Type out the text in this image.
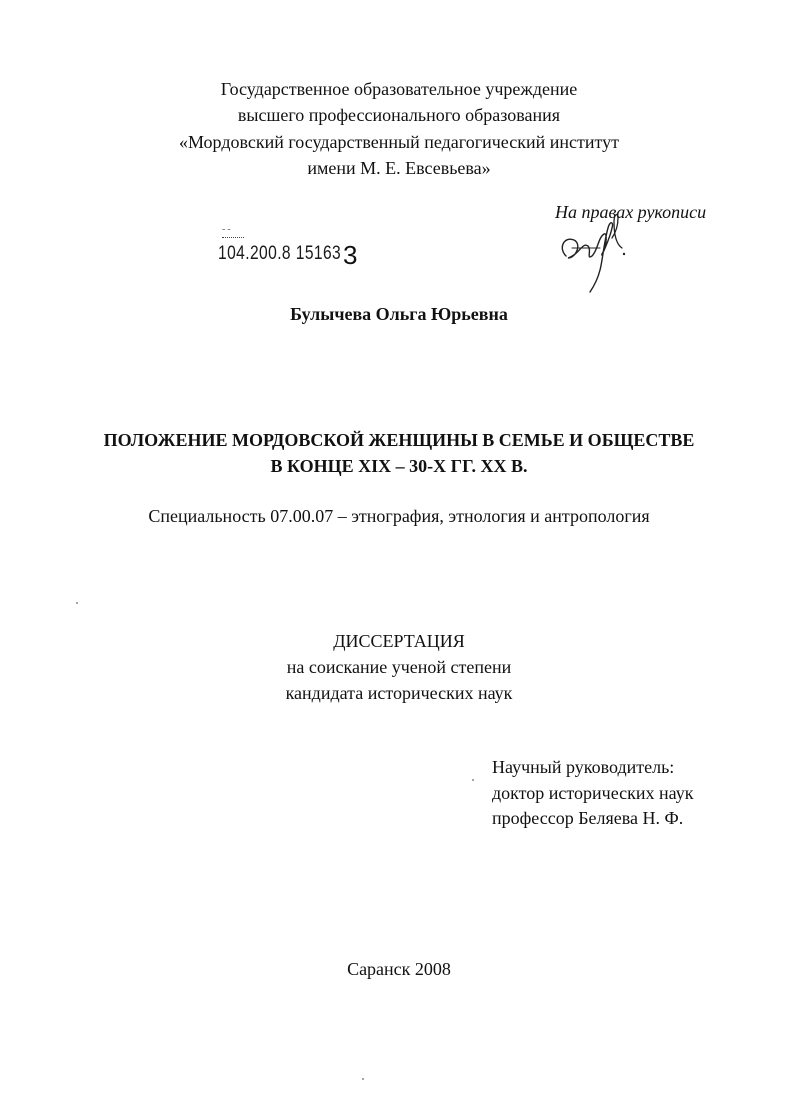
Государственное образовательное учреждение
высшего профессионального образования
«Мордовский государственный педагогический институт
имени М. Е. Евсевьева»
На правах рукописи
--
104.200.8 15163 3
Булычева Ольга Юрьевна
ПОЛОЖЕНИЕ МОРДОВСКОЙ ЖЕНЩИНЫ В СЕМЬЕ И ОБЩЕСТВЕ
В КОНЦЕ XIX – 30-Х ГГ. XX В.
Специальность 07.00.07 – этнография, этнология и антропология
ДИССЕРТАЦИЯ
на соискание ученой степени
кандидата исторических наук
Научный руководитель:
доктор исторических наук
профессор Беляева Н. Ф.
Саранск 2008
